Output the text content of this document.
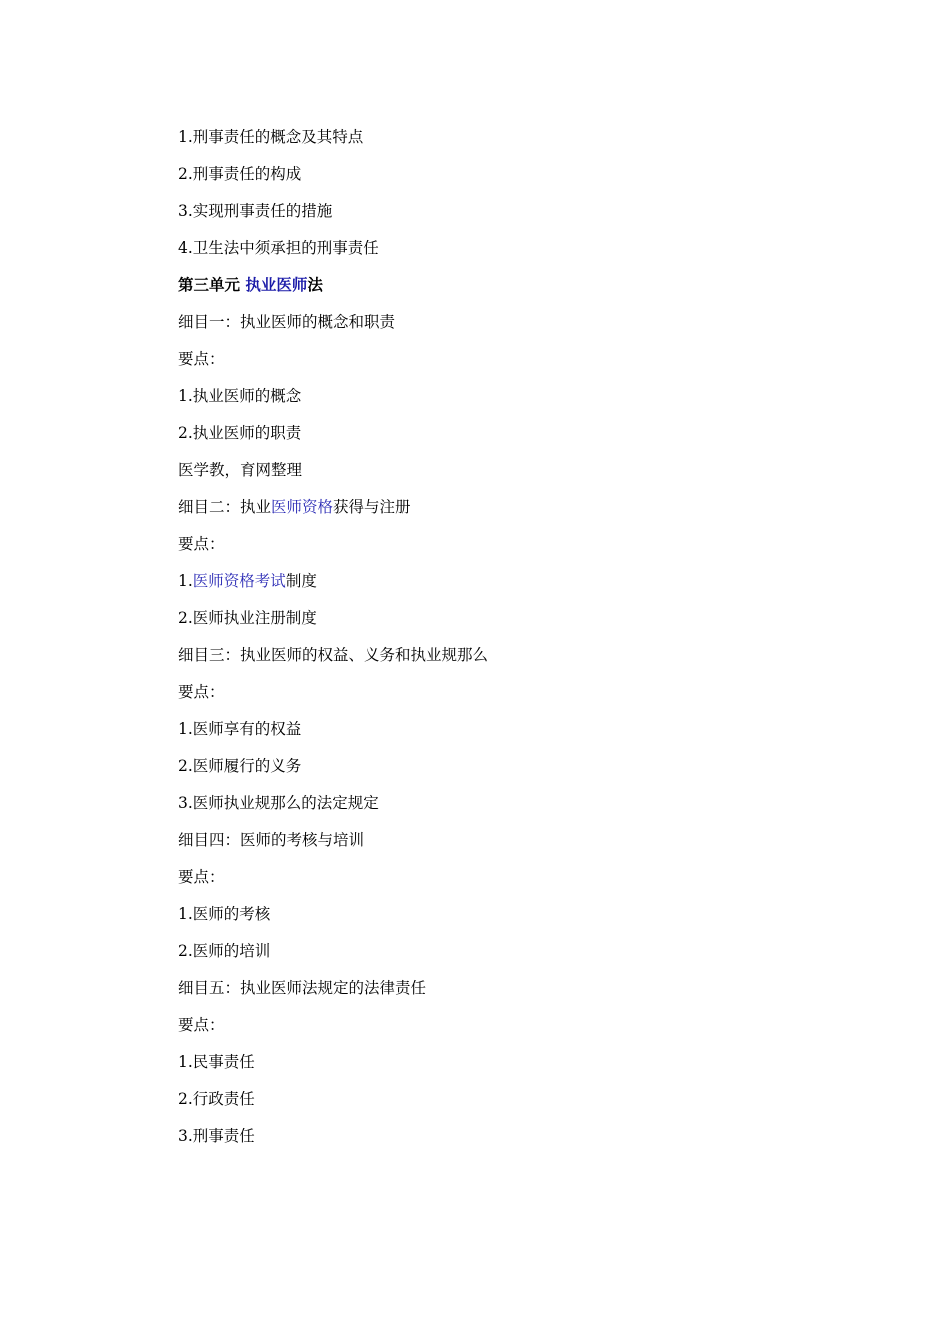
1.刑事责任的概念及其特点
2.刑事责任的构成
3.实现刑事责任的措施
4.卫生法中须承担的刑事责任
第三单元 执业医师法
细目一：执业医师的概念和职责
要点：
1.执业医师的概念
2.执业医师的职责
医学教，育网整理
细目二：执业医师资格获得与注册
要点：
1.医师资格考试制度
2.医师执业注册制度
细目三：执业医师的权益、义务和执业规那么
要点：
1.医师享有的权益
2.医师履行的义务
3.医师执业规那么的法定规定
细目四：医师的考核与培训
要点：
1.医师的考核
2.医师的培训
细目五：执业医师法规定的法律责任
要点：
1.民事责任
2.行政责任
3.刑事责任
